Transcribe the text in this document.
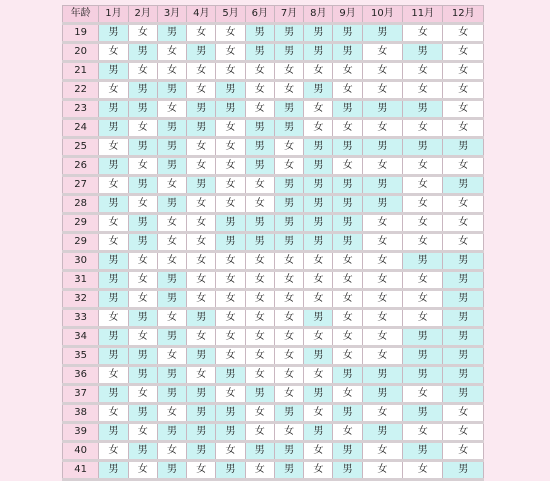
年龄	1月	2月	3月	4月	5月	6月	7月	8月	9月	10月	11月	12月
19	男	女	男	女	女	男	男	男	男	男	女	女
20	女	男	女	男	女	男	男	男	男	女	男	女
21	男	女	女	女	女	女	女	女	女	女	女	女
22	女	男	男	女	男	女	女	男	女	女	女	女
23	男	男	女	男	男	女	男	女	男	男	男	女
24	男	女	男	男	女	男	男	女	女	女	女	女
25	女	男	男	女	女	男	女	男	男	男	男	男
26	男	女	男	女	女	男	女	男	女	女	女	女
27	女	男	女	男	女	女	男	男	男	男	女	男
28	男	女	男	女	女	女	男	男	男	男	女	女
29	女	男	女	女	男	男	男	男	男	女	女	女
29	女	男	女	女	男	男	男	男	男	女	女	女
30	男	女	女	女	女	女	女	女	女	女	男	男
31	男	女	男	女	女	女	女	女	女	女	女	男
32	男	女	男	女	女	女	女	女	女	女	女	男
33	女	男	女	男	女	女	女	男	女	女	女	男
34	男	女	男	女	女	女	女	女	女	女	男	男
35	男	男	女	男	女	女	女	男	女	女	男	男
36	女	男	男	女	男	女	女	女	男	男	男	男
37	男	女	男	男	女	男	女	男	女	男	女	男
38	女	男	女	男	男	女	男	女	男	女	男	女
39	男	女	男	男	男	女	女	男	女	男	女	女
40	女	男	女	男	女	男	男	女	男	女	男	女
41	男	女	男	女	男	女	男	女	男	女	女	男
